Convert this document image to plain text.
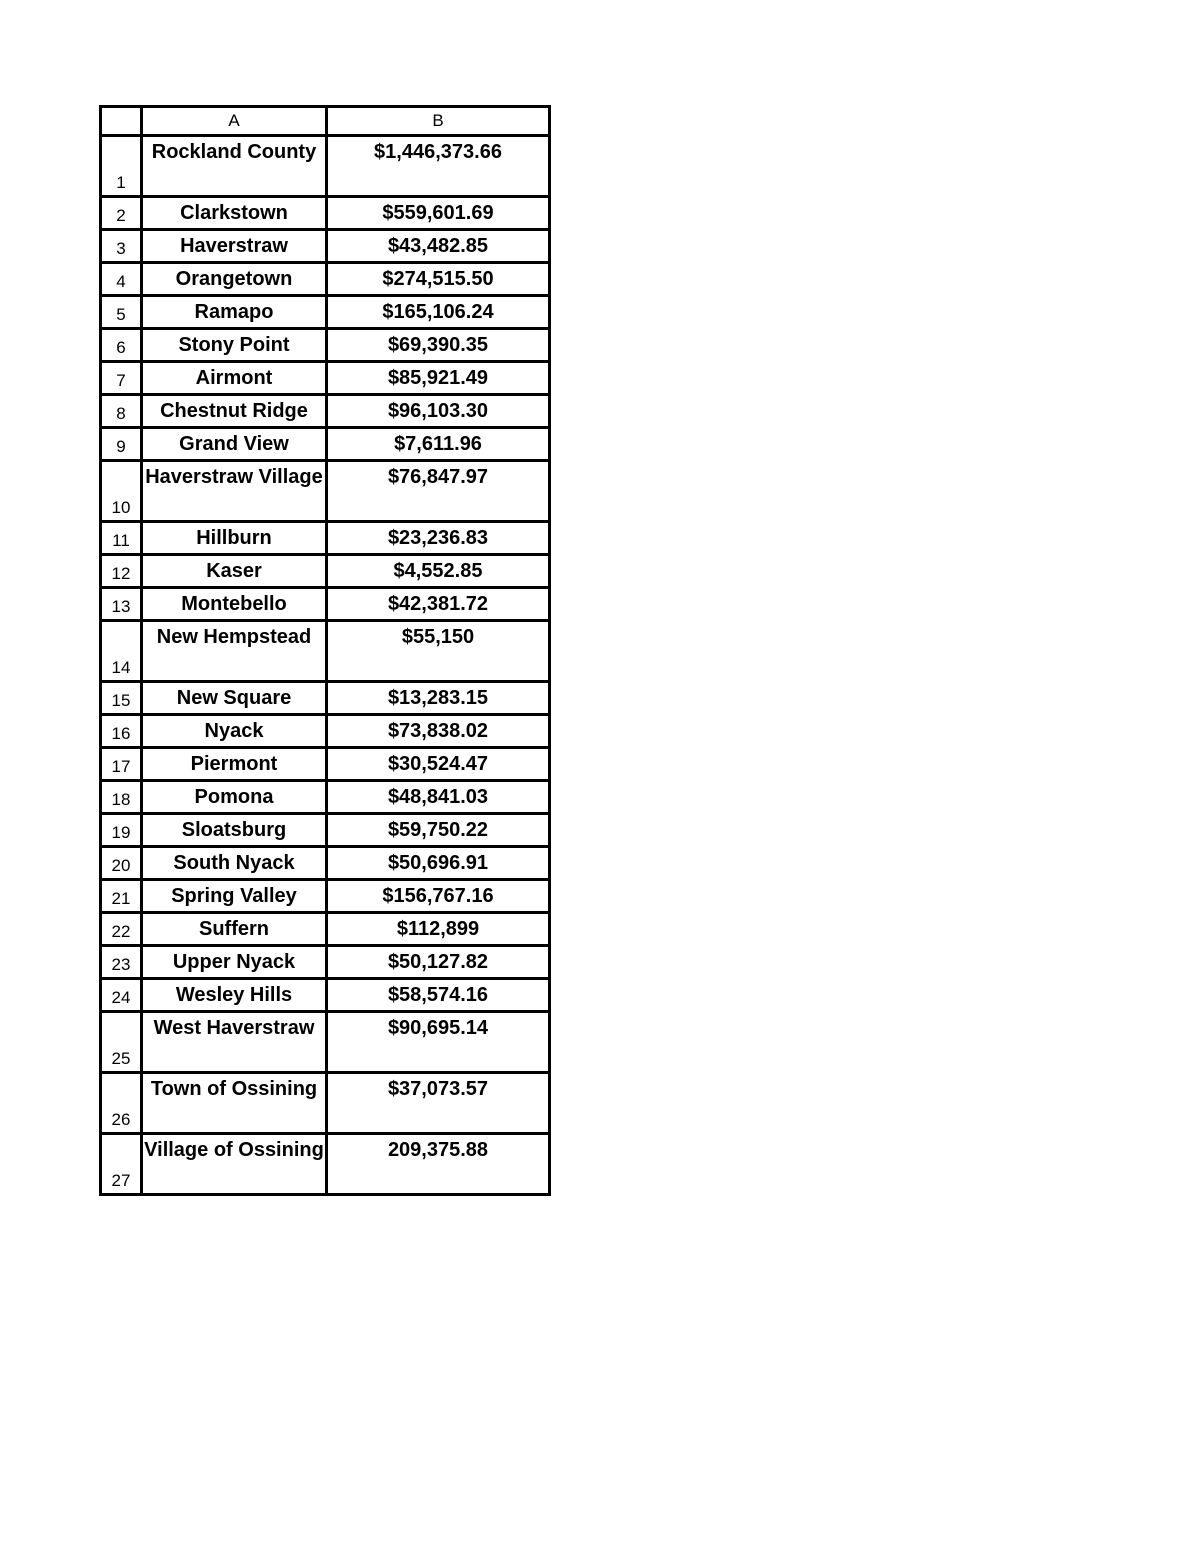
	A	B
1	Rockland County	$1,446,373.66
2	Clarkstown	$559,601.69
3	Haverstraw	$43,482.85
4	Orangetown	$274,515.50
5	Ramapo	$165,106.24
6	Stony Point	$69,390.35
7	Airmont	$85,921.49
8	Chestnut Ridge	$96,103.30
9	Grand View	$7,611.96
10	Haverstraw Village	$76,847.97
11	Hillburn	$23,236.83
12	Kaser	$4,552.85
13	Montebello	$42,381.72
14	New Hempstead	$55,150
15	New Square	$13,283.15
16	Nyack	$73,838.02
17	Piermont	$30,524.47
18	Pomona	$48,841.03
19	Sloatsburg	$59,750.22
20	South Nyack	$50,696.91
21	Spring Valley	$156,767.16
22	Suffern	$112,899
23	Upper Nyack	$50,127.82
24	Wesley Hills	$58,574.16
25	West Haverstraw	$90,695.14
26	Town of Ossining	$37,073.57
27	Village of Ossining	209,375.88
